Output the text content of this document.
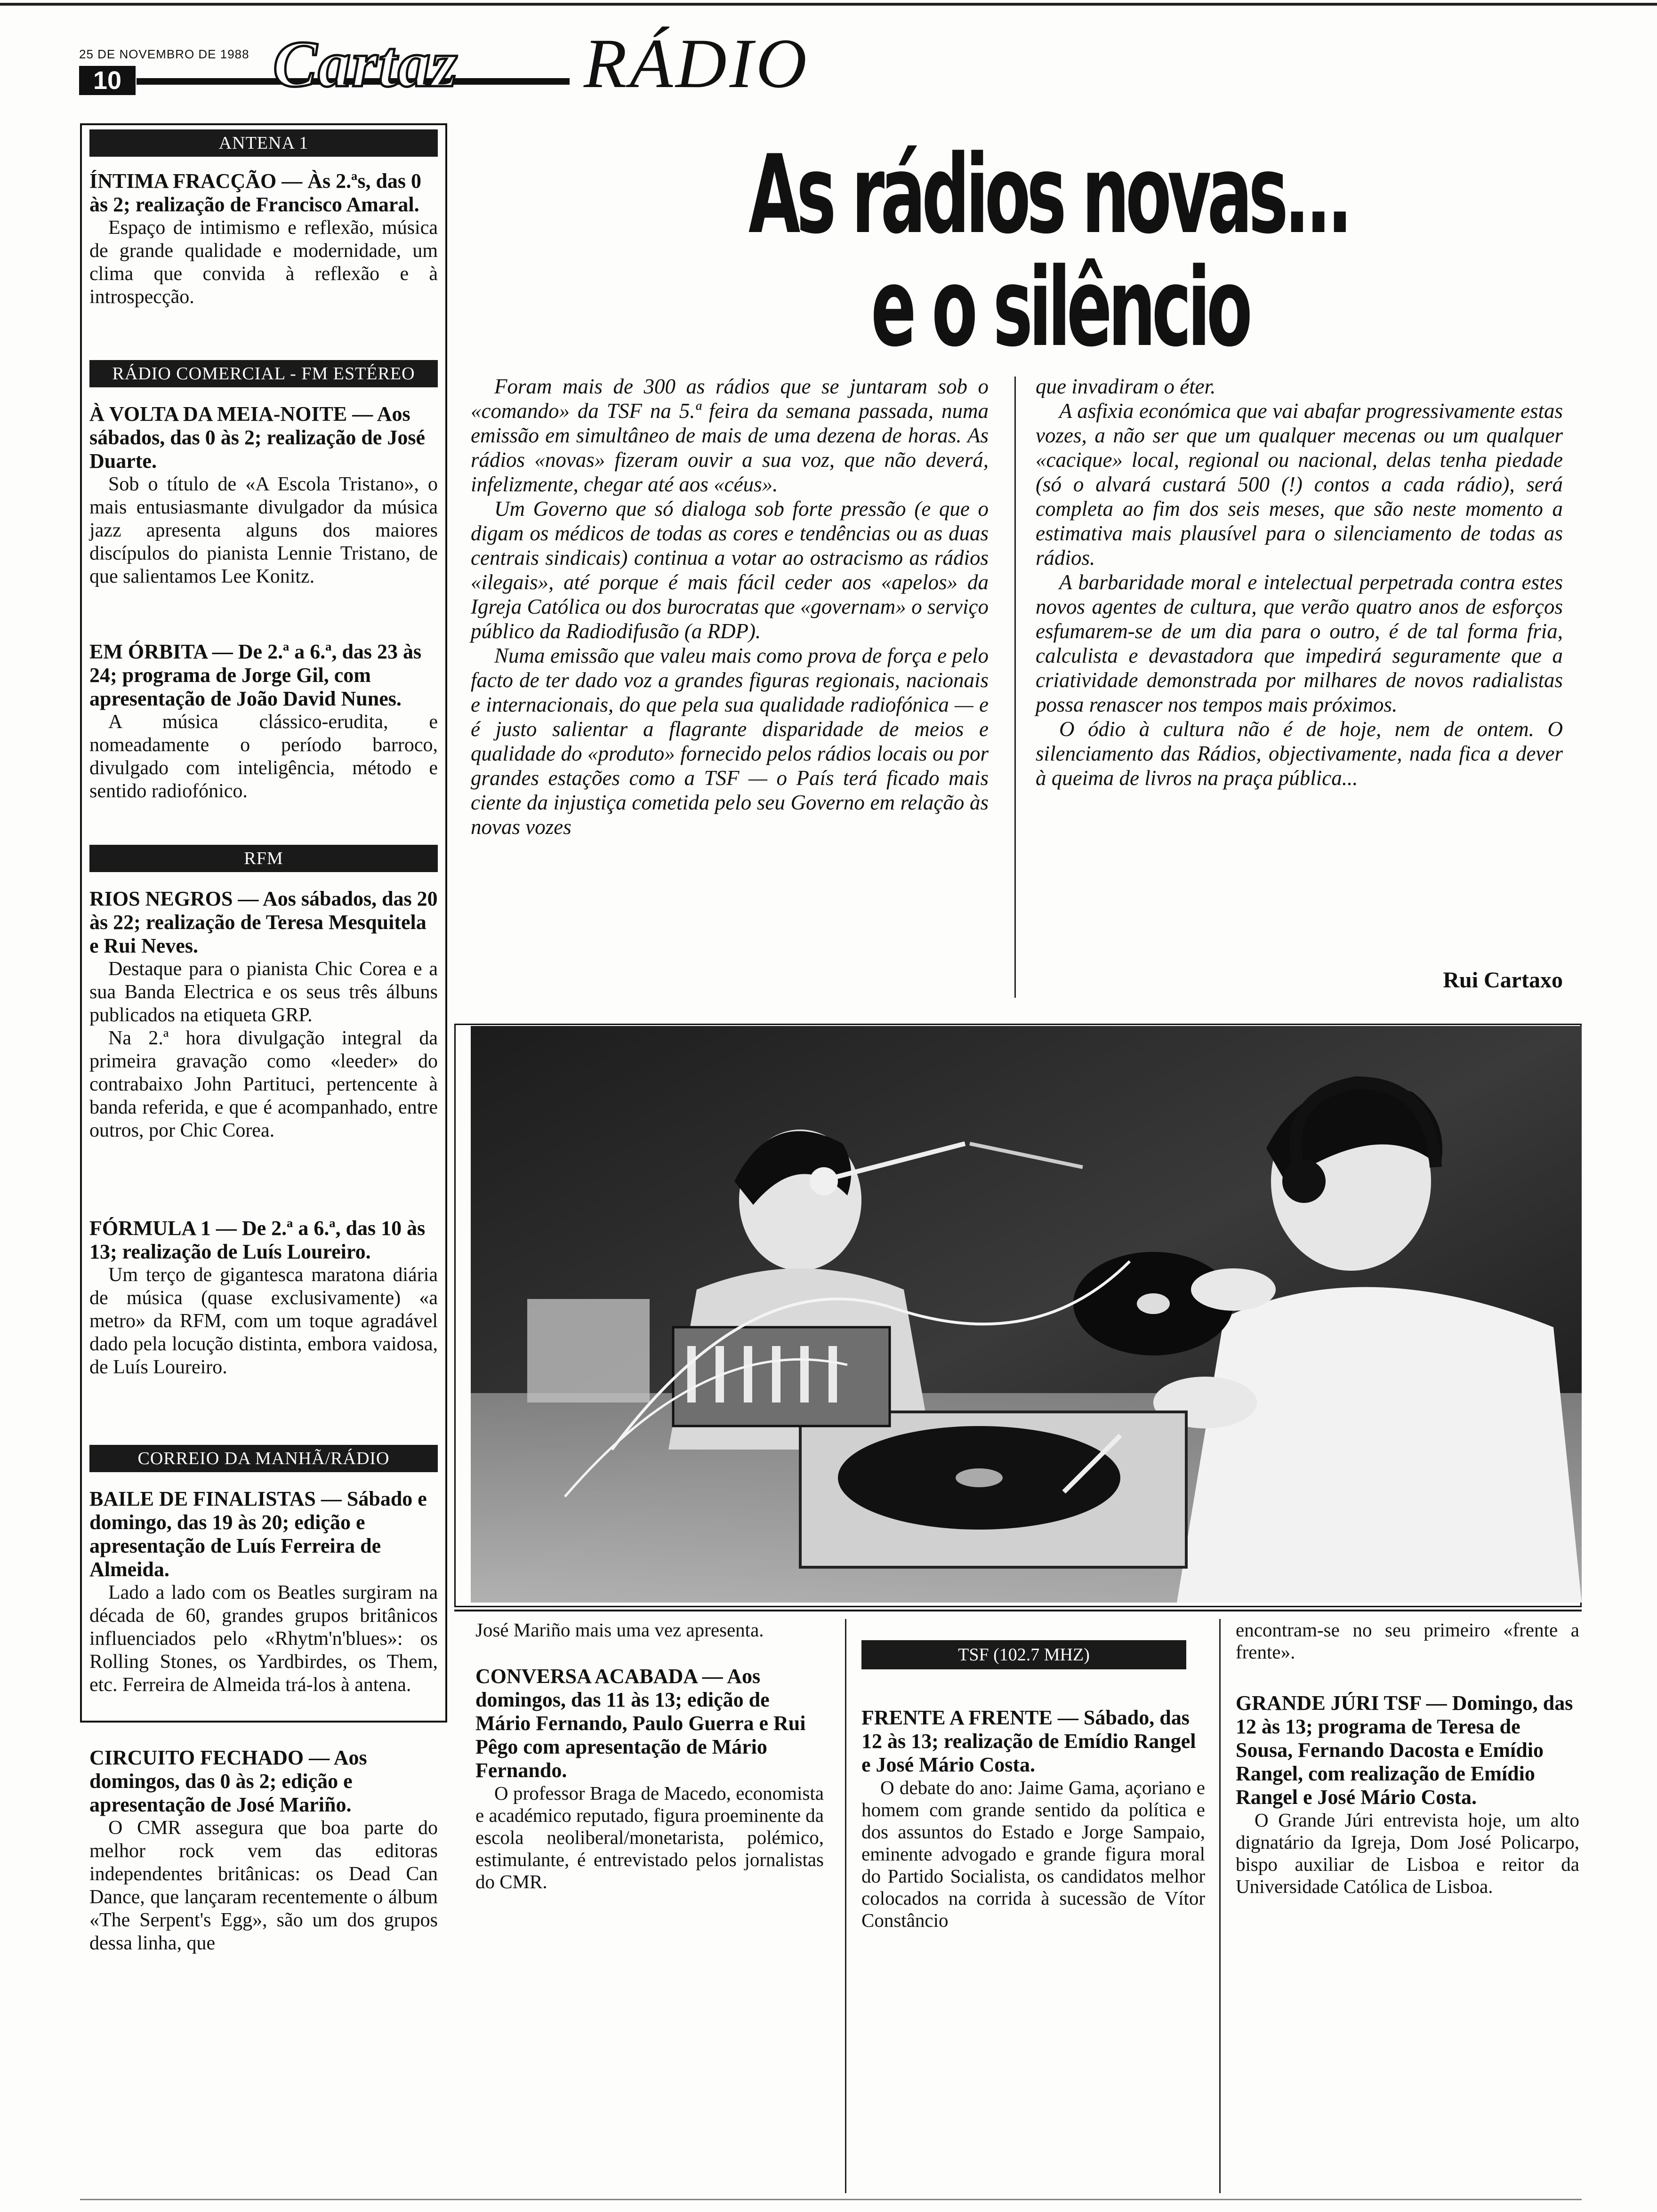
25 DE NOVEMBRO DE 1988
10 Cartaz	RÁDIO
ANTENA 1

ÍNTIMA FRACÇÃO — Às 2.ªs, das 0 às 2; realização de Francisco Amaral.

Espaço de intimismo e reflexão, música de grande qualidade e modernidade, um clima que convida à reflexão e à introspecção.

RÁDIO COMERCIAL - FM ESTÉREO

À VOLTA DA MEIA-NOITE — Aos sábados, das 0 às 2; realização de José Duarte.

Sob o título de «A Escola Tristano», o mais entusiasmante divulgador da música jazz apresenta alguns dos maiores discípulos do pianista Lennie Tristano, de que salientamos Lee Konitz.

EM ÓRBITA — De 2.ª a 6.ª, das 23 às 24; programa de Jorge Gil, com apresentação de João David Nunes.

A música clássico-erudita, e nomeadamente o período barroco, divulgado com inteligência, método e sentido radiofónico.

RFM

RIOS NEGROS — Aos sábados, das 20 às 22; realização de Teresa Mesquitela e Rui Neves.

Destaque para o pianista Chic Corea e a sua Banda Electrica e os seus três álbuns publicados na etiqueta GRP.

Na 2.ª hora divulgação integral da primeira gravação como «leeder» do contrabaixo John Partituci, pertencente à banda referida, e que é acompanhado, entre outros, por Chic Corea.

FÓRMULA 1 — De 2.ª a 6.ª, das 10 às 13; realização de Luís Loureiro.

Um terço de gigantesca maratona diária de música (quase exclusivamente) «a metro» da RFM, com um toque agradável dado pela locução distinta, embora vaidosa, de Luís Loureiro.

CORREIO DA MANHÃ/RÁDIO

BAILE DE FINALISTAS — Sábado e domingo, das 19 às 20; edição e apresentação de Luís Ferreira de Almeida.

Lado a lado com os Beatles surgiram na década de 60, grandes grupos britânicos influenciados pelo «Rhytm'n'blues»: os Rolling Stones, os Yardbirdes, os Them, etc. Ferreira de Almeida trá-los à antena.

CIRCUITO FECHADO — Aos domingos, das 0 às 2; edição e apresentação de José Mariño.

O CMR assegura que boa parte do melhor rock vem das editoras independentes britânicas: os Dead Can Dance, que lançaram recentemente o álbum «The Serpent's Egg», são um dos grupos dessa linha, que

As rádios novas...
e o silêncio

Foram mais de 300 as rádios que se juntaram sob o «comando» da TSF na 5.ª feira da semana passada, numa emissão em simultâneo de mais de uma dezena de horas. As rádios «novas» fizeram ouvir a sua voz, que não deverá, infelizmente, chegar até aos «céus».

Um Governo que só dialoga sob forte pressão (e que o digam os médicos de todas as cores e tendências ou as duas centrais sindicais) continua a votar ao ostracismo as rádios «ilegais», até porque é mais fácil ceder aos «apelos» da Igreja Católica ou dos burocratas que «governam» o serviço público da Radiodifusão (a RDP).

Numa emissão que valeu mais como prova de força e pelo facto de ter dado voz a grandes figuras regionais, nacionais e internacionais, do que pela sua qualidade radiofónica — e é justo salientar a flagrante disparidade de meios e qualidade do «produto» fornecido pelos rádios locais ou por grandes estações como a TSF — o País terá ficado mais ciente da injustiça cometida pelo seu Governo em relação às novas vozes

que invadiram o éter.

A asfixia económica que vai abafar progressivamente estas vozes, a não ser que um qualquer mecenas ou um qualquer «cacique» local, regional ou nacional, delas tenha piedade (só o alvará custará 500 (!) contos a cada rádio), será completa ao fim dos seis meses, que são neste momento a estimativa mais plausível para o silenciamento de todas as rádios.

A barbaridade moral e intelectual perpetrada contra estes novos agentes de cultura, que verão quatro anos de esforços esfumarem-se de um dia para o outro, é de tal forma fria, calculista e devastadora que impedirá seguramente que a criatividade demonstrada por milhares de novos radialistas possa renascer nos tempos mais próximos.

O ódio à cultura não é de hoje, nem de ontem. O silenciamento das Rádios, objectivamente, nada fica a dever à queima de livros na praça pública...

Rui Cartaxo

José Mariño mais uma vez apresenta.

CONVERSA ACABADA — Aos domingos, das 11 às 13; edição de Mário Fernando, Paulo Guerra e Rui Pêgo com apresentação de Mário Fernando.

O professor Braga de Macedo, economista e académico reputado, figura proeminente da escola neoliberal/monetarista, polémico, estimulante, é entrevistado pelos jornalistas do CMR.

TSF (102.7 MHZ)

FRENTE A FRENTE — Sábado, das 12 às 13; realização de Emídio Rangel e José Mário Costa.

O debate do ano: Jaime Gama, açoriano e homem com grande sentido da política e dos assuntos do Estado e Jorge Sampaio, eminente advogado e grande figura moral do Partido Socialista, os candidatos melhor colocados na corrida à sucessão de Vítor Constâncio

encontram-se no seu primeiro «frente a frente».

GRANDE JÚRI TSF — Domingo, das 12 às 13; programa de Teresa de Sousa, Fernando Dacosta e Emídio Rangel, com realização de Emídio Rangel e José Mário Costa.

O Grande Júri entrevista hoje, um alto dignatário da Igreja, Dom José Policarpo, bispo auxiliar de Lisboa e reitor da Universidade Católica de Lisboa.
